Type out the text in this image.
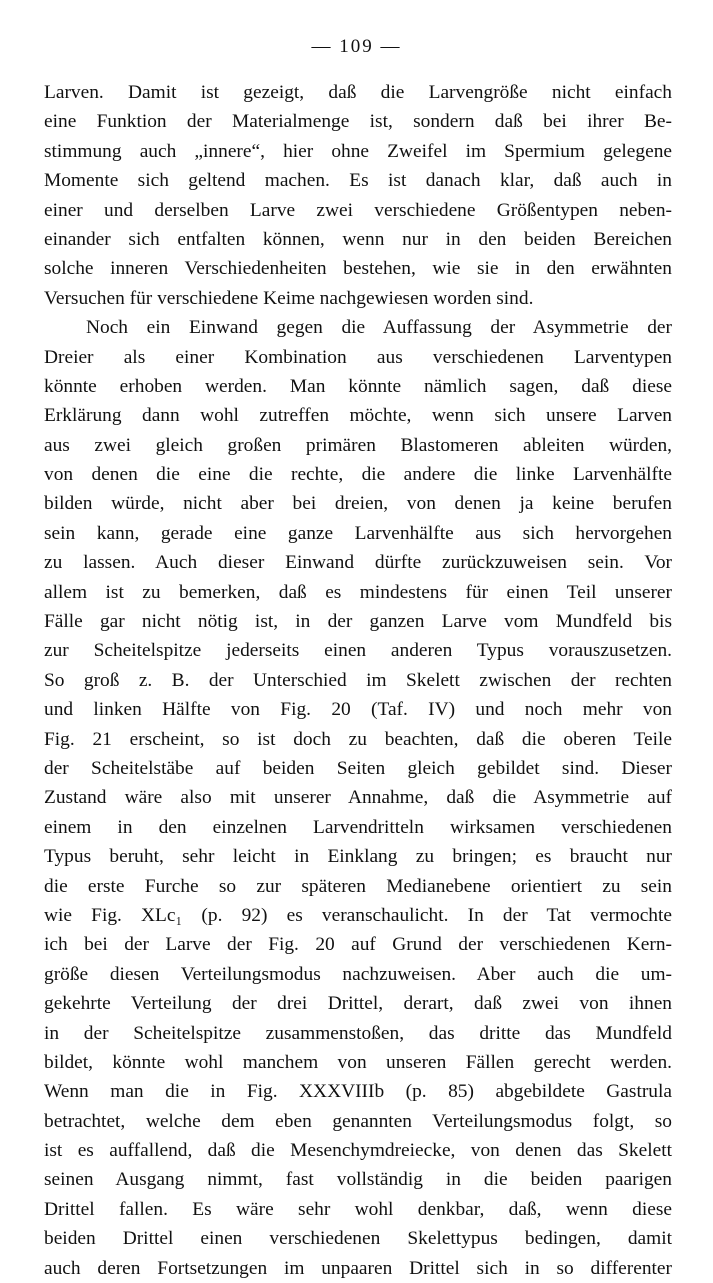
— 109 —
Larven. Damit ist gezeigt, daß die Larvengröße nicht einfach
eine Funktion der Materialmenge ist, sondern daß bei ihrer Be-
stimmung auch „innere“, hier ohne Zweifel im Spermium gelegene
Momente sich geltend machen. Es ist danach klar, daß auch in
einer und derselben Larve zwei verschiedene Größentypen neben-
einander sich entfalten können, wenn nur in den beiden Bereichen
solche inneren Verschiedenheiten bestehen, wie sie in den erwähnten
Versuchen für verschiedene Keime nachgewiesen worden sind.
Noch ein Einwand gegen die Auffassung der Asymmetrie der
Dreier als einer Kombination aus verschiedenen Larventypen
könnte erhoben werden. Man könnte nämlich sagen, daß diese
Erklärung dann wohl zutreffen möchte, wenn sich unsere Larven
aus zwei gleich großen primären Blastomeren ableiten würden,
von denen die eine die rechte, die andere die linke Larvenhälfte
bilden würde, nicht aber bei dreien, von denen ja keine berufen
sein kann, gerade eine ganze Larvenhälfte aus sich hervorgehen
zu lassen. Auch dieser Einwand dürfte zurückzuweisen sein. Vor
allem ist zu bemerken, daß es mindestens für einen Teil unserer
Fälle gar nicht nötig ist, in der ganzen Larve vom Mundfeld bis
zur Scheitelspitze jederseits einen anderen Typus vorauszusetzen.
So groß z. B. der Unterschied im Skelett zwischen der rechten
und linken Hälfte von Fig. 20 (Taf. IV) und noch mehr von
Fig. 21 erscheint, so ist doch zu beachten, daß die oberen Teile
der Scheitelstäbe auf beiden Seiten gleich gebildet sind. Dieser
Zustand wäre also mit unserer Annahme, daß die Asymmetrie auf
einem in den einzelnen Larvendritteln wirksamen verschiedenen
Typus beruht, sehr leicht in Einklang zu bringen; es braucht nur
die erste Furche so zur späteren Medianebene orientiert zu sein
wie Fig. XLc₁ (p. 92) es veranschaulicht. In der Tat vermochte
ich bei der Larve der Fig. 20 auf Grund der verschiedenen Kern-
größe diesen Verteilungsmodus nachzuweisen. Aber auch die um-
gekehrte Verteilung der drei Drittel, derart, daß zwei von ihnen
in der Scheitelspitze zusammenstoßen, das dritte das Mundfeld
bildet, könnte wohl manchem von unseren Fällen gerecht werden.
Wenn man die in Fig. XXXVIIIb (p. 85) abgebildete Gastrula
betrachtet, welche dem eben genannten Verteilungsmodus folgt, so
ist es auffallend, daß die Mesenchymdreiecke, von denen das Skelett
seinen Ausgang nimmt, fast vollständig in die beiden paarigen
Drittel fallen. Es wäre sehr wohl denkbar, daß, wenn diese
beiden Drittel einen verschiedenen Skelettypus bedingen, damit
auch deren Fortsetzungen im unpaaren Drittel sich in so differenter
